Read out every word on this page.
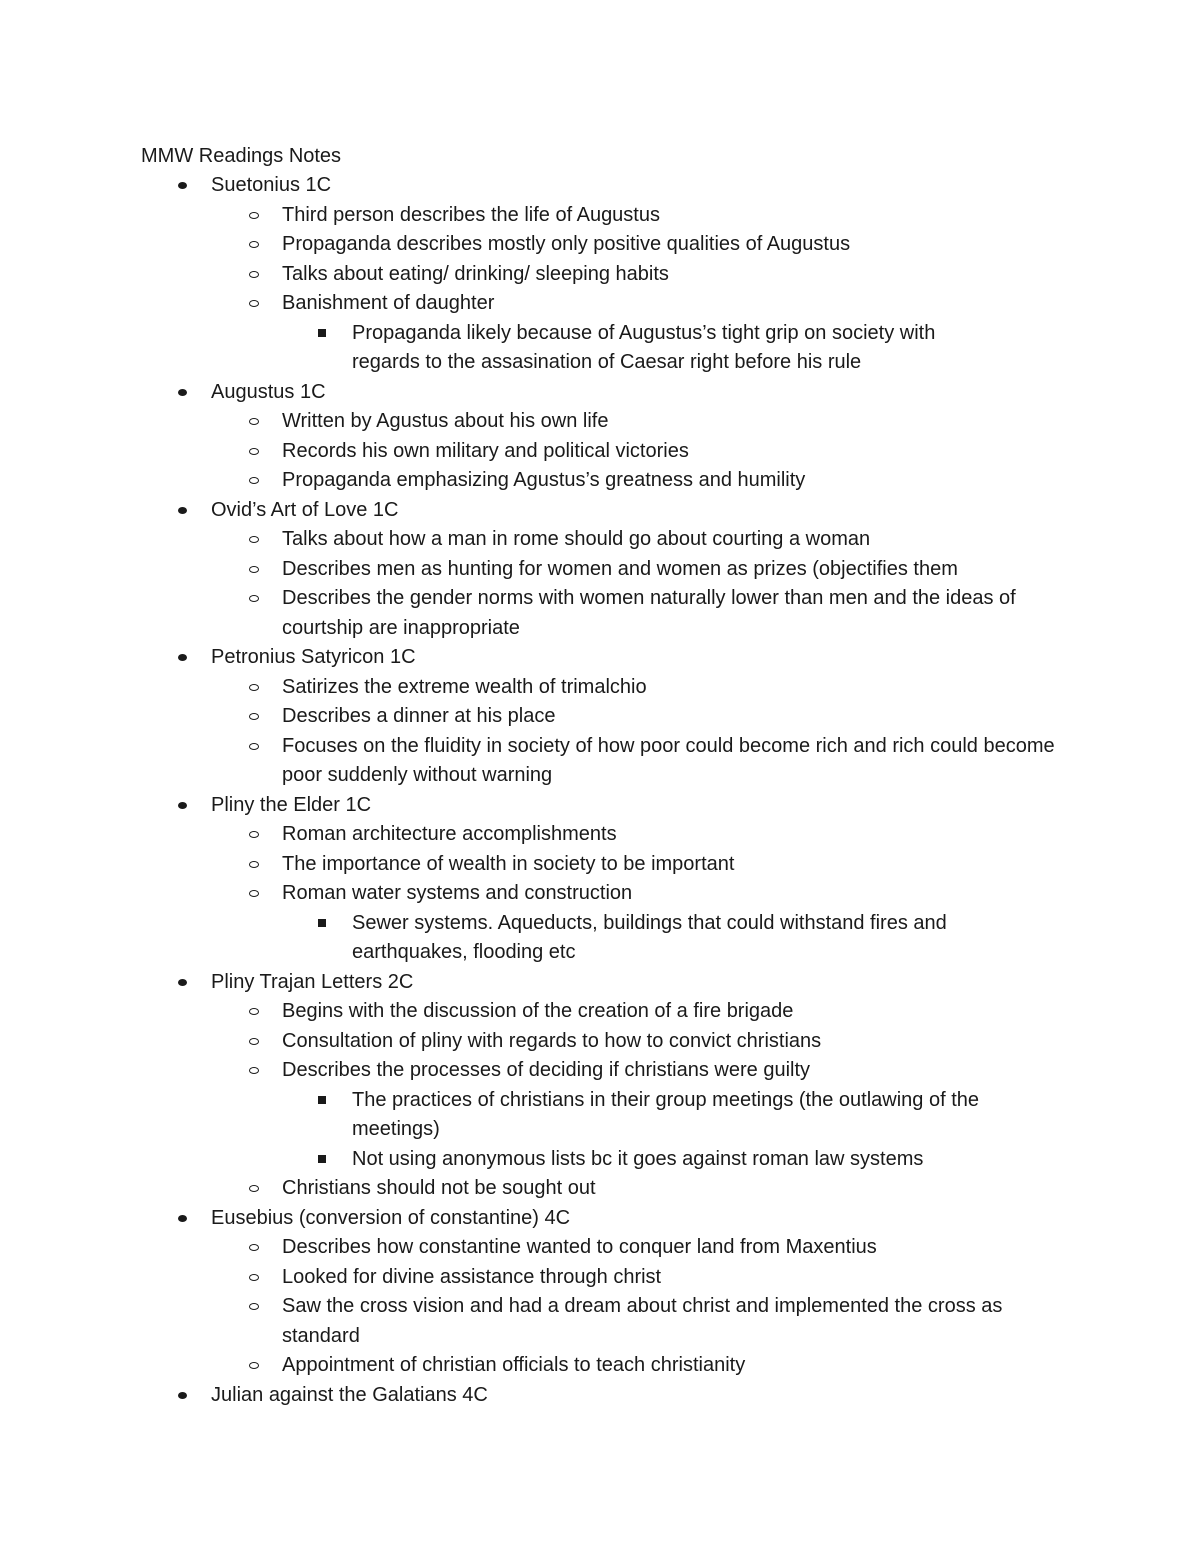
MMW Readings Notes
Suetonius 1C
Third person describes the life of Augustus
Propaganda describes mostly only positive qualities of Augustus
Talks about eating/ drinking/ sleeping habits
Banishment of daughter
Propaganda likely because of Augustus’s tight grip on society with regards to the assasination of Caesar right before his rule
Augustus 1C
Written by Agustus about his own life
Records his own military and political victories
Propaganda emphasizing Agustus’s greatness and humility
Ovid’s Art of Love 1C
Talks about how a man in rome should go about courting a woman
Describes men as hunting for women and women as prizes (objectifies them
Describes the gender norms with women naturally lower than men and the ideas of courtship are inappropriate
Petronius Satyricon 1C
Satirizes the extreme wealth of trimalchio
Describes a dinner at his place
Focuses on the fluidity in society of how poor could become rich and rich could become poor suddenly without warning
Pliny the Elder 1C
Roman architecture accomplishments
The importance of wealth in society to be important
Roman water systems and construction
Sewer systems. Aqueducts, buildings that could withstand fires and earthquakes, flooding etc
Pliny Trajan Letters 2C
Begins with the discussion of the creation of a fire brigade
Consultation of pliny with regards to how to convict christians
Describes the processes of deciding if christians were guilty
The practices of christians in their group meetings (the outlawing of the meetings)
Not using anonymous lists bc it goes against roman law systems
Christians should not be sought out
Eusebius (conversion of constantine) 4C
Describes how constantine wanted to conquer land from Maxentius
Looked for divine assistance through christ
Saw the cross vision and had a dream about christ and implemented the cross as standard
Appointment of christian officials to teach christianity
Julian against the Galatians 4C
